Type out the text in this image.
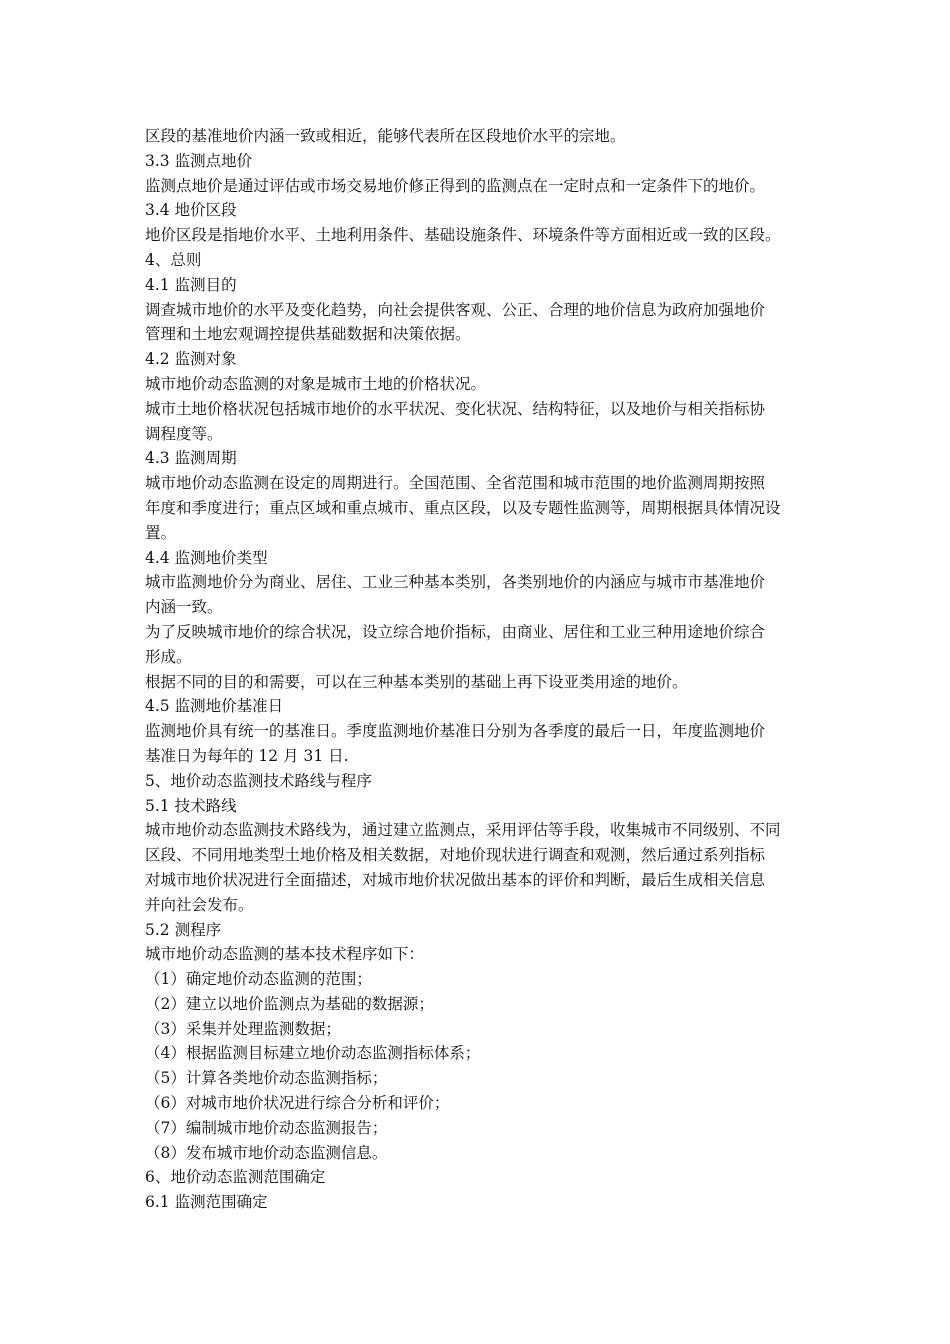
区段的基准地价内涵一致或相近，能够代表所在区段地价水平的宗地。
3.3 监测点地价
监测点地价是通过评估或市场交易地价修正得到的监测点在一定时点和一定条件下的地价。
3.4 地价区段
地价区段是指地价水平、土地利用条件、基础设施条件、环境条件等方面相近或一致的区段。
4、总则
4.1 监测目的
调查城市地价的水平及变化趋势，向社会提供客观、公正、合理的地价信息为政府加强地价
管理和土地宏观调控提供基础数据和决策依据。
4.2 监测对象
城市地价动态监测的对象是城市土地的价格状况。
城市土地价格状况包括城市地价的水平状况、变化状况、结构特征，以及地价与相关指标协
调程度等。
4.3 监测周期
城市地价动态监测在设定的周期进行。全国范围、全省范围和城市范围的地价监测周期按照
年度和季度进行；重点区域和重点城市、重点区段，以及专题性监测等，周期根据具体情况设
置。
4.4 监测地价类型
城市监测地价分为商业、居住、工业三种基本类别，各类别地价的内涵应与城市市基准地价
内涵一致。
为了反映城市地价的综合状况，设立综合地价指标，由商业、居住和工业三种用途地价综合
形成。
根据不同的目的和需要，可以在三种基本类别的基础上再下设亚类用途的地价。
4.5 监测地价基准日
监测地价具有统一的基准日。季度监测地价基准日分别为各季度的最后一日，年度监测地价
基准日为每年的 12 月 31 日.
5、地价动态监测技术路线与程序
5.1 技术路线
城市地价动态监测技术路线为，通过建立监测点，采用评估等手段，收集城市不同级别、不同
区段、不同用地类型土地价格及相关数据，对地价现状进行调查和观测，然后通过系列指标
对城市地价状况进行全面描述，对城市地价状况做出基本的评价和判断，最后生成相关信息
并向社会发布。
5.2 测程序
城市地价动态监测的基本技术程序如下：
（1）确定地价动态监测的范围；
（2）建立以地价监测点为基础的数据源；
（3）采集并处理监测数据；
（4）根据监测目标建立地价动态监测指标体系；
（5）计算各类地价动态监测指标；
（6）对城市地价状况进行综合分析和评价；
（7）编制城市地价动态监测报告；
（8）发布城市地价动态监测信息。
6、地价动态监测范围确定
6.1 监测范围确定
